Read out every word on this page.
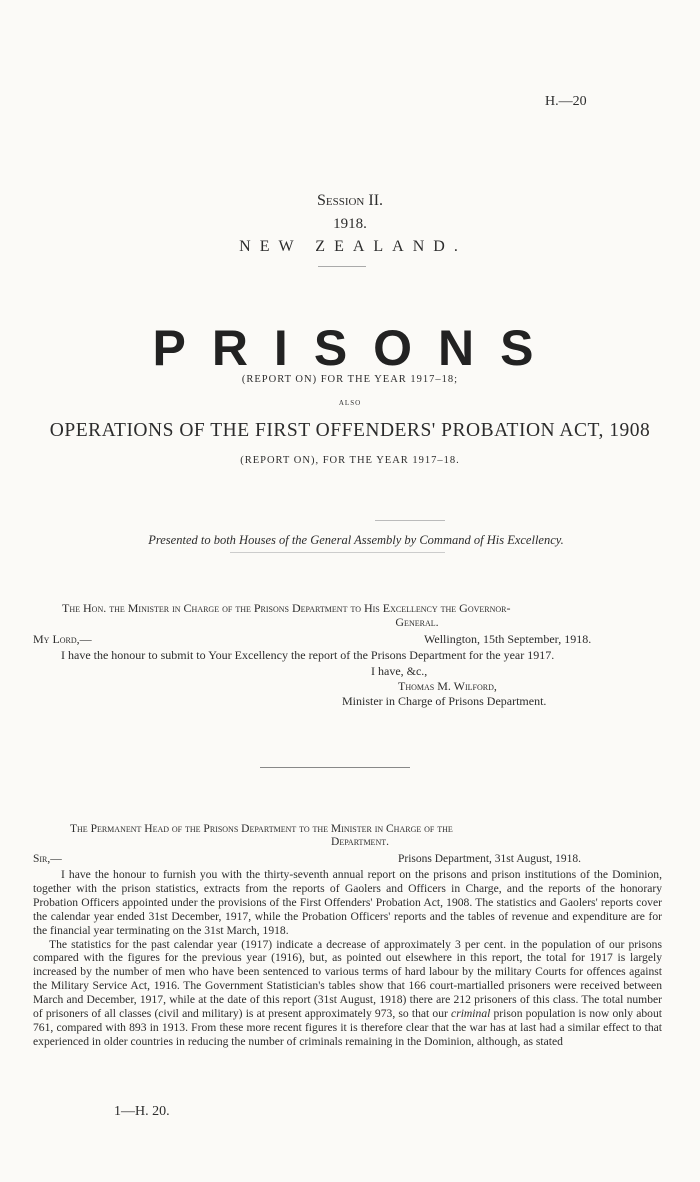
H.—20
Session II.
1918.
NEW ZEALAND.
PRISONS
(REPORT ON) FOR THE YEAR 1917–18;
ALSO
OPERATIONS OF THE FIRST OFFENDERS' PROBATION ACT, 1908
(REPORT ON), FOR THE YEAR 1917–18.
Presented to both Houses of the General Assembly by Command of His Excellency.
The Hon. the Minister in Charge of the Prisons Department to His Excellency the Governor-
General.
My Lord,—	Wellington, 15th September, 1918.
I have the honour to submit to Your Excellency the report of the Prisons Department for the year 1917.
I have, &c.,
Thomas M. Wilford,
Minister in Charge of Prisons Department.
The Permanent Head of the Prisons Department to the Minister in Charge of the
Department.
Sir,—	Prisons Department, 31st August, 1918.

I have the honour to furnish you with the thirty-seventh annual report on the prisons and prison institutions of the Dominion, together with the prison statistics, extracts from the reports of Gaolers and Officers in Charge, and the reports of the honorary Probation Officers appointed under the provisions of the First Offenders' Probation Act, 1908. The statistics and Gaolers' reports cover the calendar year ended 31st December, 1917, while the Probation Officers' reports and the tables of revenue and expenditure are for the financial year terminating on the 31st March, 1918.

The statistics for the past calendar year (1917) indicate a decrease of approximately 3 per cent. in the population of our prisons compared with the figures for the previous year (1916), but, as pointed out elsewhere in this report, the total for 1917 is largely increased by the number of men who have been sentenced to various terms of hard labour by the military Courts for offences against the Military Service Act, 1916. The Government Statistician's tables show that 166 court-martialled prisoners were received between March and December, 1917, while at the date of this report (31st August, 1918) there are 212 prisoners of this class. The total number of prisoners of all classes (civil and military) is at present approximately 973, so that our criminal prison population is now only about 761, compared with 893 in 1913. From these more recent figures it is therefore clear that the war has at last had a similar effect to that experienced in older countries in reducing the number of criminals remaining in the Dominion, although, as stated

1—H. 20.
